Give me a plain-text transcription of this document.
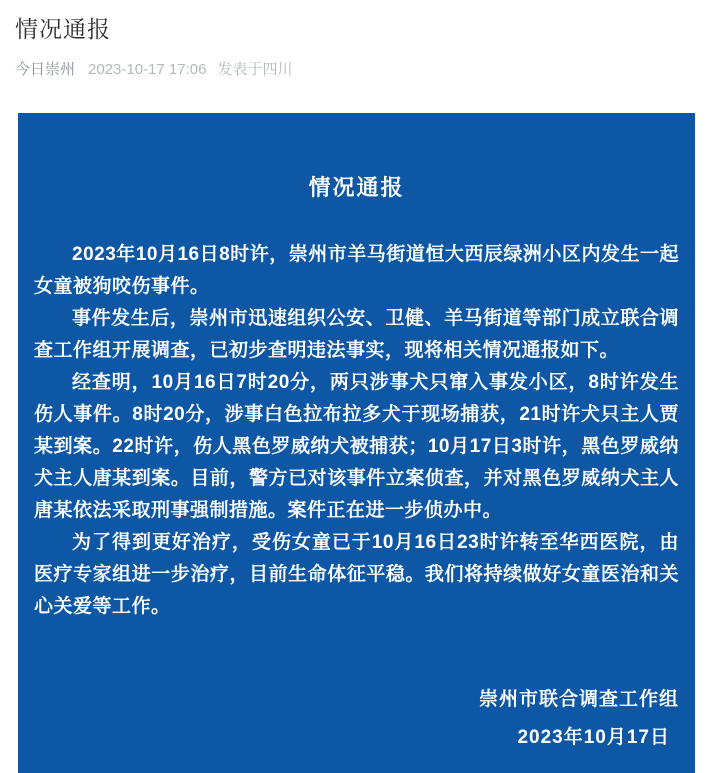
情况通报
今日崇州 2023-10-17 17:06 发表于四川
情况通报

2023年10月16日8时许，崇州市羊马街道恒大西辰绿洲小区内发生一起女童被狗咬伤事件。

事件发生后，崇州市迅速组织公安、卫健、羊马街道等部门成立联合调查工作组开展调查，已初步查明违法事实，现将相关情况通报如下。

经查明，10月16日7时20分，两只涉事犬只窜入事发小区，8时许发生伤人事件。8时20分，涉事白色拉布拉多犬于现场捕获，21时许犬只主人贾某到案。22时许，伤人黑色罗威纳犬被捕获；10月17日3时许，黑色罗威纳犬主人唐某到案。目前，警方已对该事件立案侦查，并对黑色罗威纳犬主人唐某依法采取刑事强制措施。案件正在进一步侦办中。

为了得到更好治疗，受伤女童已于10月16日23时许转至华西医院，由医疗专家组进一步治疗，目前生命体征平稳。我们将持续做好女童医治和关心关爱等工作。

崇州市联合调查工作组
2023年10月17日
